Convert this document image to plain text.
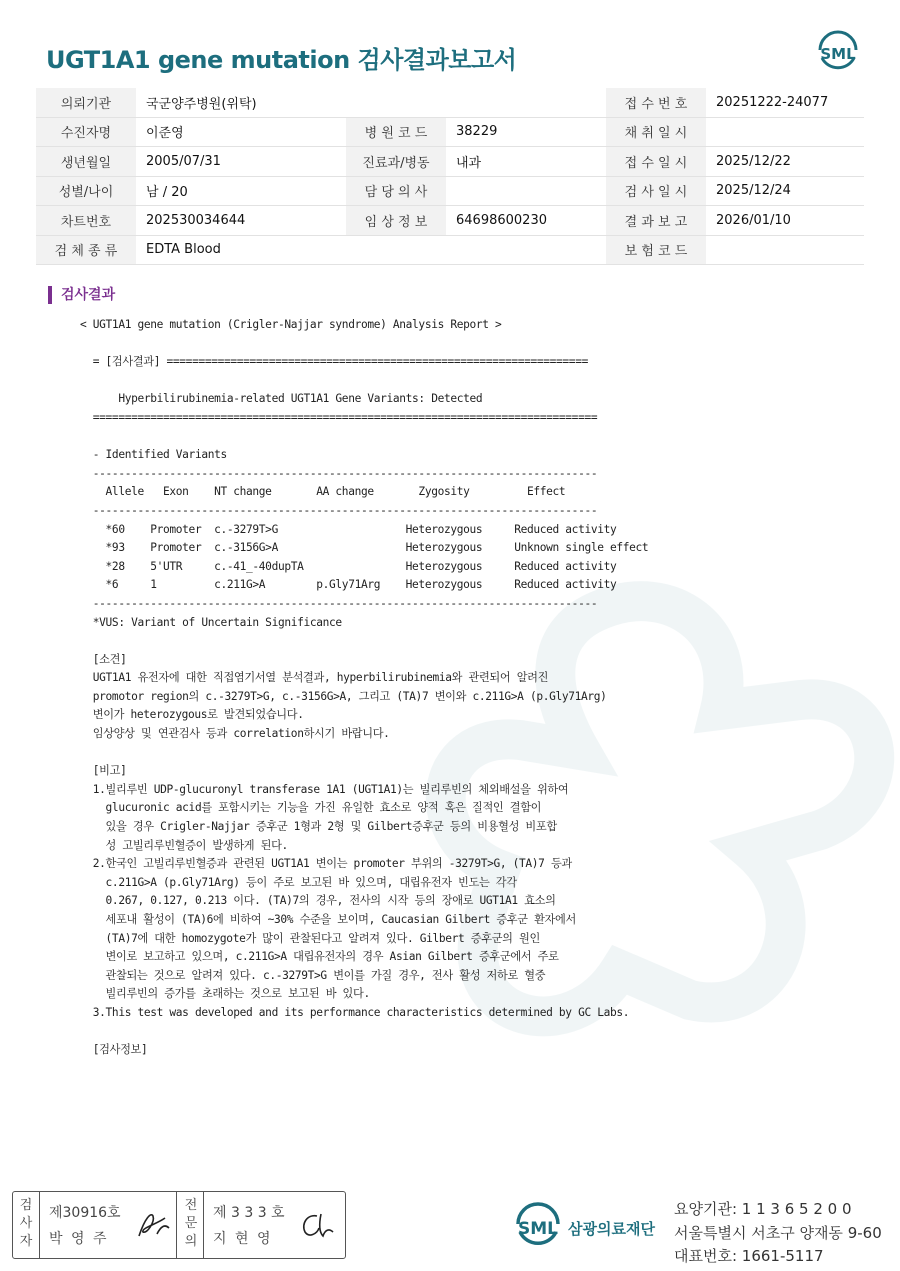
UGT1A1 gene mutation 검사결과보고서	SML
의뢰기관	국군양주병원(위탁)			접 수 번 호	20251222-24077
수진자명	이준영	병 원 코 드	38229	채 취 일 시	
생년월일	2005/07/31	진료과/병동	내과	접 수 일 시	2025/12/22
성별/나이	남 / 20	담 당 의 사		검 사 일 시	2025/12/24
차트번호	202530034644	임 상 정 보	64698600230	결 과 보 고	2026/01/10
검 체 종 류	EDTA Blood			보 험 코 드	
검사결과
< UGT1A1 gene mutation (Crigler-Najjar syndrome) Analysis Report >

= [검사결과] ==================================================================

Hyperbilirubinemia-related UGT1A1 Gene Variants: Detected
===============================================================================

- Identified Variants
-------------------------------------------------------------------------------
Allele   Exon    NT change       AA change       Zygosity         Effect
-------------------------------------------------------------------------------
*60    Promoter  c.-3279T>G                    Heterozygous     Reduced activity
*93    Promoter  c.-3156G>A                    Heterozygous     Unknown single effect
*28    5'UTR     c.-41_-40dupTA                Heterozygous     Reduced activity
*6     1         c.211G>A        p.Gly71Arg    Heterozygous     Reduced activity
-------------------------------------------------------------------------------
*VUS: Variant of Uncertain Significance

[소견]
UGT1A1 유전자에 대한 직접염기서열 분석결과, hyperbilirubinemia와 관련되어 알려진
promotor region의 c.-3279T>G, c.-3156G>A, 그리고 (TA)7 변이와 c.211G>A (p.Gly71Arg)
변이가 heterozygous로 발견되었습니다.
임상양상 및 연관검사 등과 correlation하시기 바랍니다.

[비고]
1.빌리루빈 UDP-glucuronyl transferase 1A1 (UGT1A1)는 빌리루빈의 체외배설을 위하여
glucuronic acid를 포함시키는 기능을 가진 유일한 효소로 양적 혹은 질적인 결함이
있을 경우 Crigler-Najjar 증후군 1형과 2형 및 Gilbert증후군 등의 비용혈성 비포합
성 고빌리루빈혈증이 발생하게 된다.
2.한국인 고빌리루빈혈증과 관련된 UGT1A1 변이는 promoter 부위의 -3279T>G, (TA)7 등과
c.211G>A (p.Gly71Arg) 등이 주로 보고된 바 있으며, 대립유전자 빈도는 각각
0.267, 0.127, 0.213 이다. (TA)7의 경우, 전사의 시작 등의 장애로 UGT1A1 효소의
세포내 활성이 (TA)6에 비하여 ~30% 수준을 보이며, Caucasian Gilbert 증후군 환자에서
(TA)7에 대한 homozygote가 많이 관찰된다고 알려져 있다. Gilbert 증후군의 원인
변이로 보고하고 있으며, c.211G>A 대립유전자의 경우 Asian Gilbert 증후군에서 주로
관찰되는 것으로 알려져 있다. c.-3279T>G 변이를 가질 경우, 전사 활성 저하로 혈중
빌리루빈의 증가를 초래하는 것으로 보고된 바 있다.
3.This test was developed and its performance characteristics determined by GC Labs.

[검사정보]
검사자
제30916호
박 영 주
전문의
제 3 3 3 호
지 현 영	SML 삼광의료재단
요양기관: 1 1 3 6 5 2 0 0
서울특별시 서초구 양재동 9-60
대표번호: 1661-5117
